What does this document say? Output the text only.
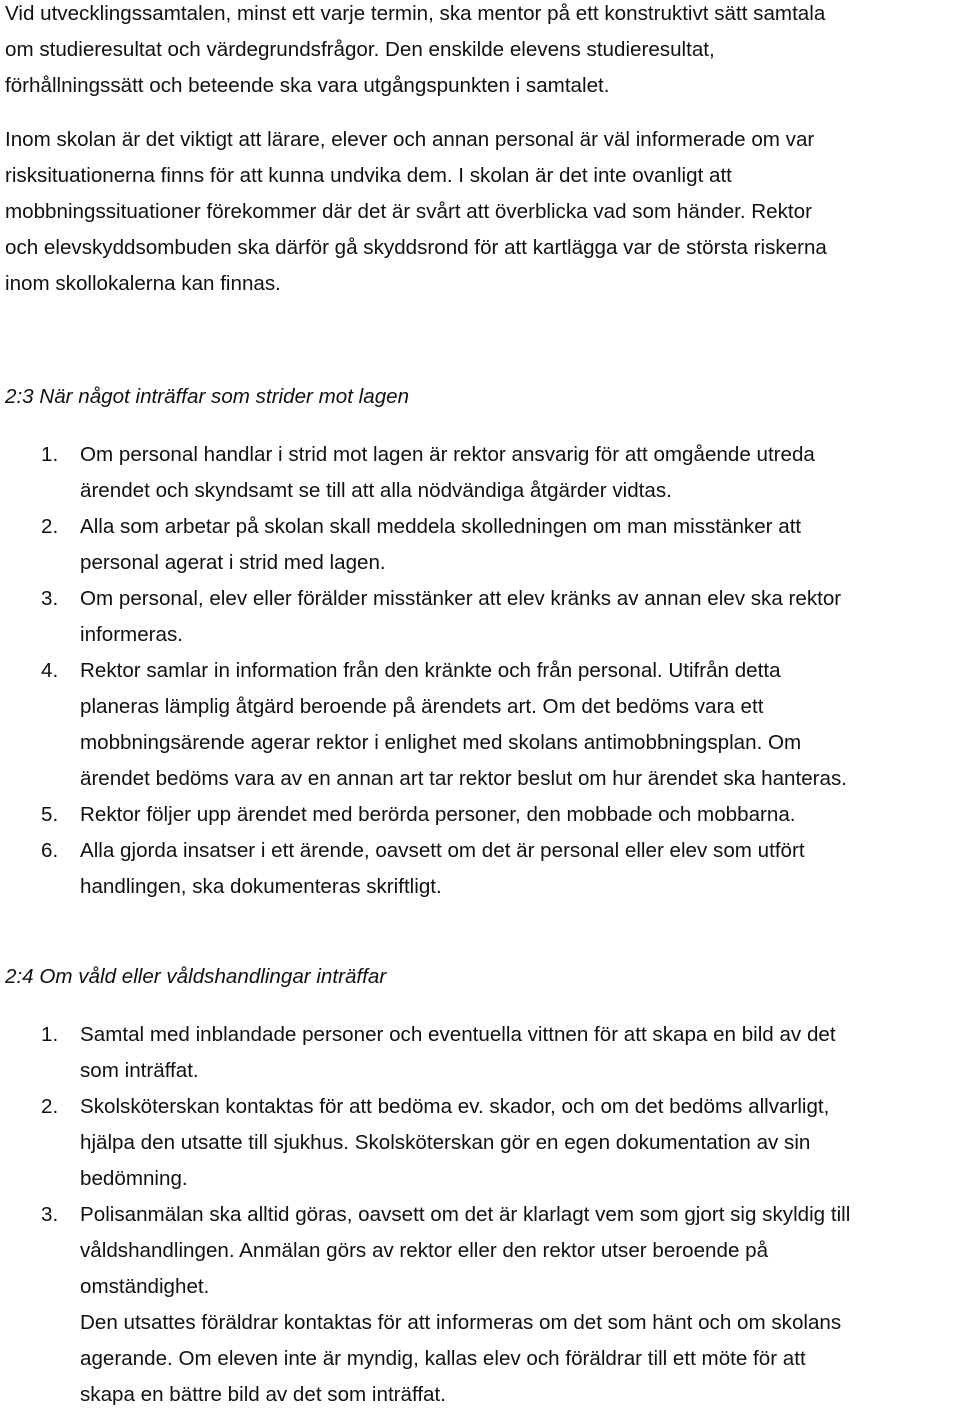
Vid utvecklingssamtalen, minst ett varje termin, ska mentor på ett konstruktivt sätt samtala
om studieresultat och värdegrundsfrågor. Den enskilde elevens studieresultat,
förhållningssätt och beteende ska vara utgångspunkten i samtalet.
Inom skolan är det viktigt att lärare, elever och annan personal är väl informerade om var
risksituationerna finns för att kunna undvika dem. I skolan är det inte ovanligt att
mobbningssituationer förekommer där det är svårt att överblicka vad som händer. Rektor
och elevskyddsombuden ska därför gå skyddsrond för att kartlägga var de största riskerna
inom skollokalerna kan finnas.
2:3 När något inträffar som strider mot lagen
1.	Om personal handlar i strid mot lagen är rektor ansvarig för att omgående utreda
ärendet och skyndsamt se till att alla nödvändiga åtgärder vidtas.
2.	Alla som arbetar på skolan skall meddela skolledningen om man misstänker att
personal agerat i strid med lagen.
3.	Om personal, elev eller förälder misstänker att elev kränks av annan elev ska rektor
informeras.
4.	Rektor samlar in information från den kränkte och från personal. Utifrån detta
planeras lämplig åtgärd beroende på ärendets art. Om det bedöms vara ett
mobbningsärende agerar rektor i enlighet med skolans antimobbningsplan. Om
ärendet bedöms vara av en annan art tar rektor beslut om hur ärendet ska hanteras.
5.	Rektor följer upp ärendet med berörda personer, den mobbade och mobbarna.
6.	Alla gjorda insatser i ett ärende, oavsett om det är personal eller elev som utfört
handlingen, ska dokumenteras skriftligt.
2:4 Om våld eller våldshandlingar inträffar
1.	Samtal med inblandade personer och eventuella vittnen för att skapa en bild av det
som inträffat.
2.	Skolsköterskan kontaktas för att bedöma ev. skador, och om det bedöms allvarligt,
hjälpa den utsatte till sjukhus. Skolsköterskan gör en egen dokumentation av sin
bedömning.
3.	Polisanmälan ska alltid göras, oavsett om det är klarlagt vem som gjort sig skyldig till
våldshandlingen. Anmälan görs av rektor eller den rektor utser beroende på
omständighet.
Den utsattes föräldrar kontaktas för att informeras om det som hänt och om skolans
agerande. Om eleven inte är myndig, kallas elev och föräldrar till ett möte för att
skapa en bättre bild av det som inträffat.
